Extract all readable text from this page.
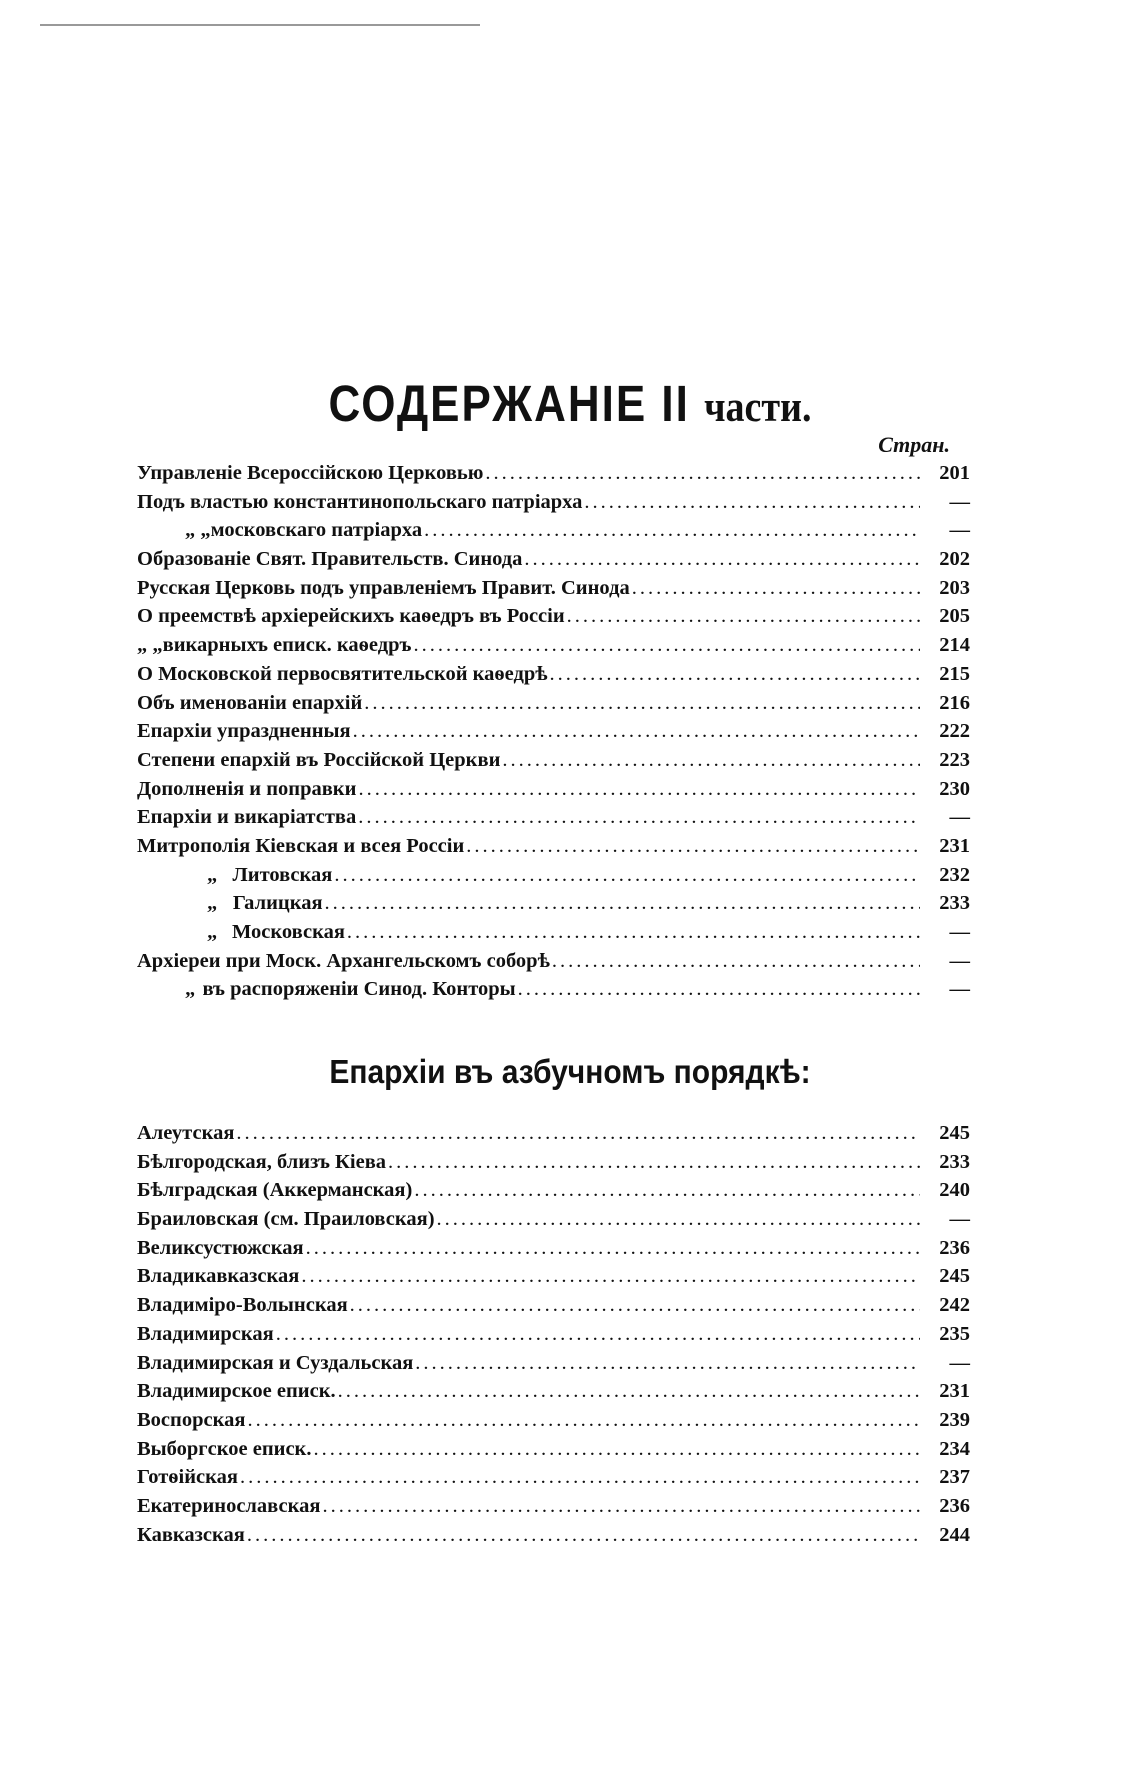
СОДЕРЖАНІЕ II части.
Стран.
Управленіе Всероссійскою Церковью .....	201
Подъ властью константинопольскаго патріарха .....	—
„ „ московскаго патріарха .....	—
Образованіе Свят. Правительств. Синода .....	202
Русская Церковь подъ управленіемъ Правит. Синода .....	203
О преемствѣ архіерейскихъ каѳедръ въ Россіи .....	205
„ „ викарныхъ еписк. каѳедръ .....	214
О Московской первосвятительской каѳедрѣ .....	215
Объ именованіи епархій .....	216
Епархіи упраздненныя .....	222
Степени епархій въ Россійской Церкви .....	223
Дополненія и поправки .....	230
Епархіи и викаріатства .....	—
Митрополія Кіевская и всея Россіи .....	231
„ Литовская .....	232
„ Галицкая .....	233
„ Московская .....	—
Архіереи при Моск. Архангельскомъ соборѣ .....	—
„ въ распоряженіи Синод. Конторы .....	—
Епархіи въ азбучномъ порядкѣ:
Алеутская .....	245
Бѣлгородская, близъ Кіева .....	233
Бѣлградская (Аккерманская) .....	240
Браиловская (см. Праиловская) .....	—
Великсустюжская .....	236
Владикавказская .....	245
Владиміро-Волынская .....	242
Владимирская .....	235
Владимирская и Суздальская .....	—
Владимирское еписк. .....	231
Воспорская .....	239
Выборгское еписк. .....	234
Готѳійская .....	237
Екатеринославская .....	236
Кавказская .....	244
